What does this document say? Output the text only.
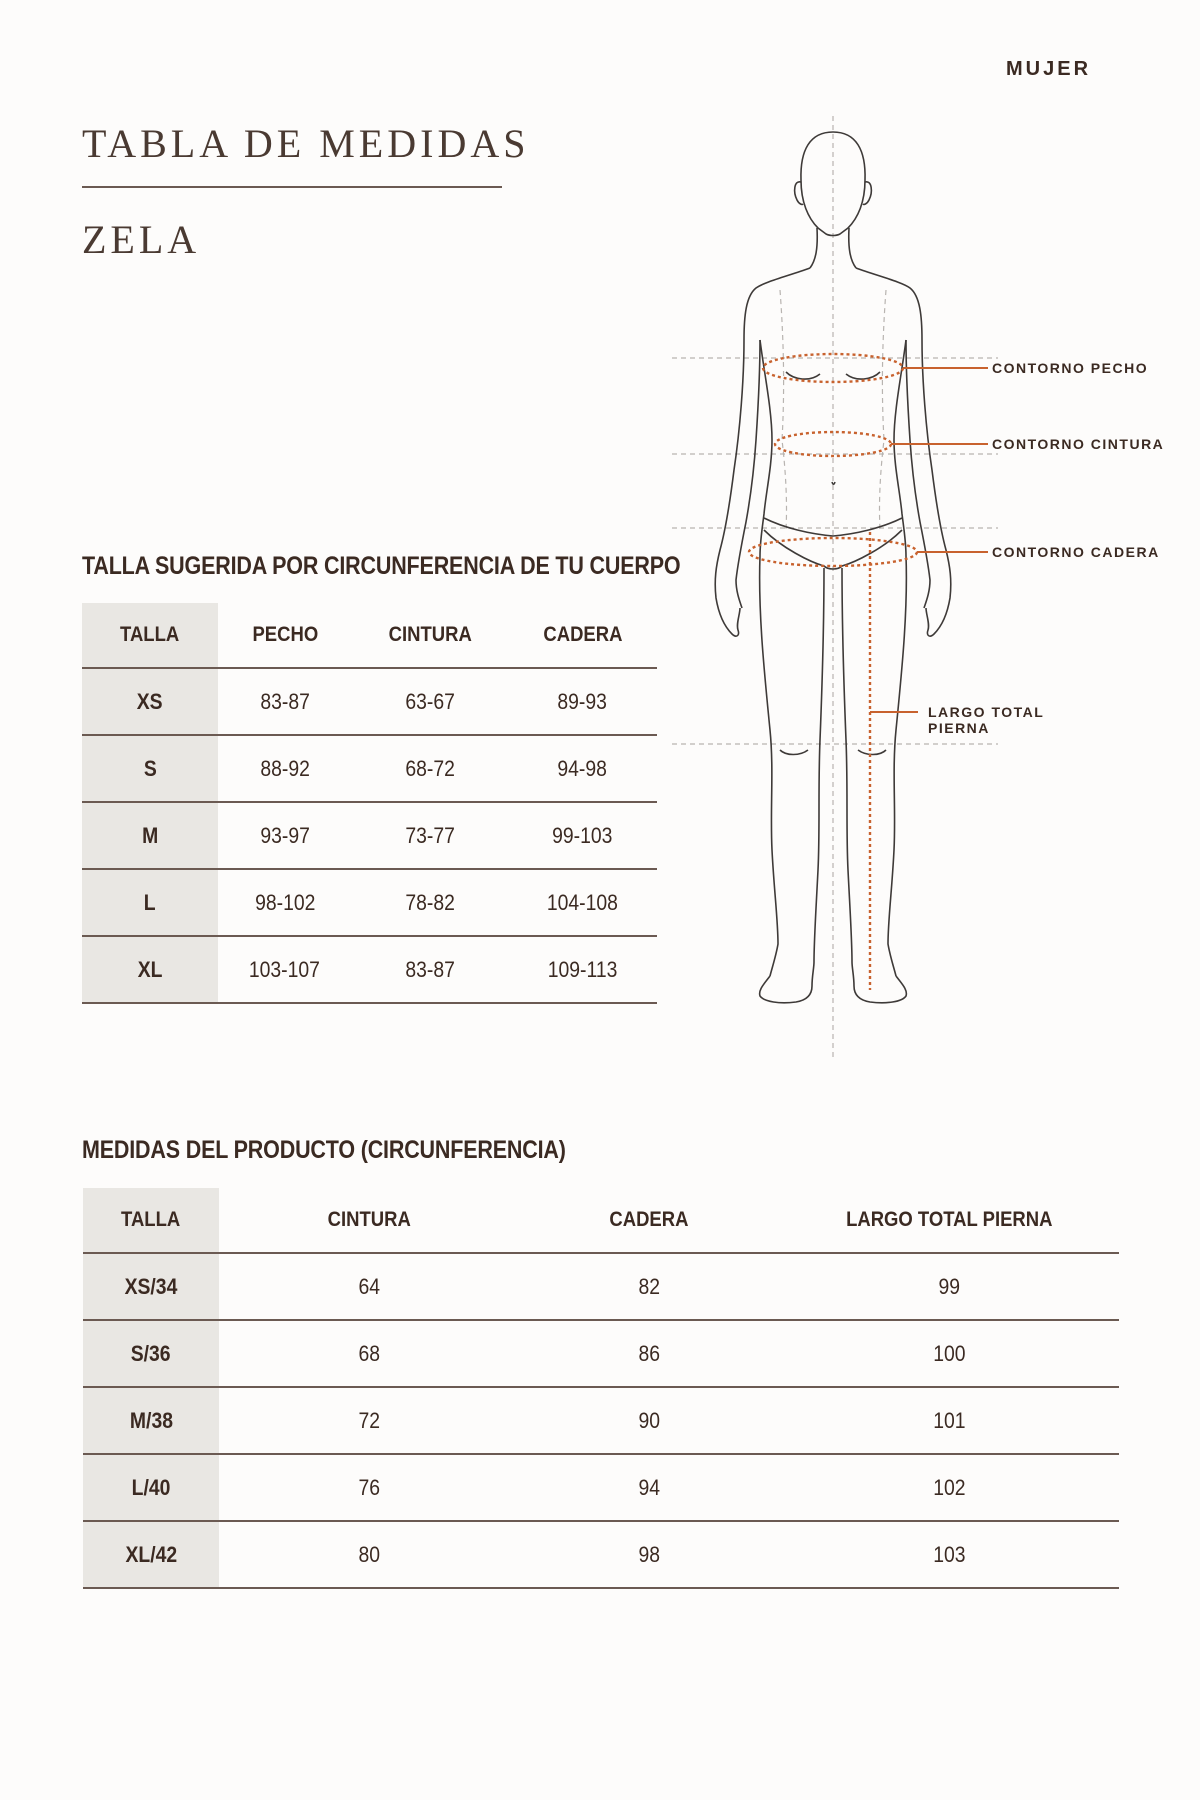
MUJER
TABLA DE MEDIDAS
ZELA
CONTORNO PECHO
CONTORNO CINTURA
CONTORNO CADERA
LARGO TOTAL
PIERNA
TALLA SUGERIDA POR CIRCUNFERENCIA DE TU CUERPO
TALLA	PECHO	CINTURA	CADERA
XS	83-87	63-67	89-93
S	88-92	68-72	94-98
M	93-97	73-77	99-103
L	98-102	78-82	104-108
XL	103-107	83-87	109-113
MEDIDAS DEL PRODUCTO (CIRCUNFERENCIA)
TALLA	CINTURA	CADERA	LARGO TOTAL PIERNA
XS/34	64	82	99
S/36	68	86	100
M/38	72	90	101
L/40	76	94	102
XL/42	80	98	103
